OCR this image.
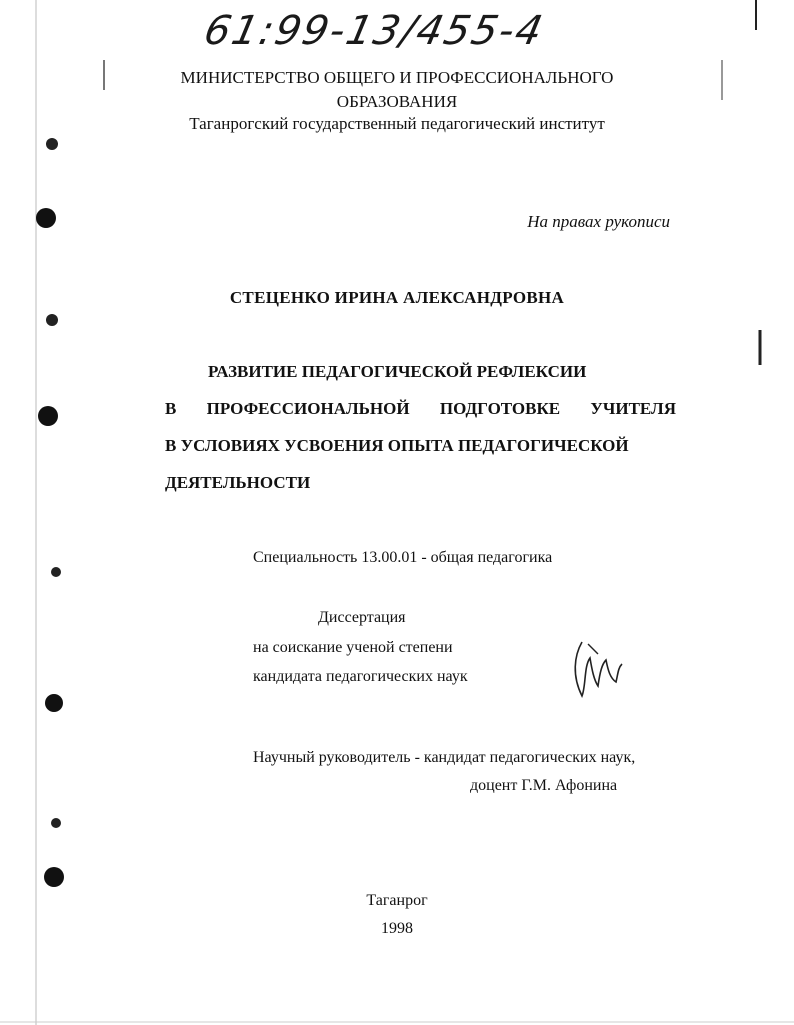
61:99-13/455-4
МИНИСТЕРСТВО ОБЩЕГО И ПРОФЕССИОНАЛЬНОГО
ОБРАЗОВАНИЯ
Таганрогский государственный педагогический институт
На правах рукописи
СТЕЦЕНКО ИРИНА АЛЕКСАНДРОВНА
РАЗВИТИЕ ПЕДАГОГИЧЕСКОЙ РЕФЛЕКСИИ
В ПРОФЕССИОНАЛЬНОЙ ПОДГОТОВКЕ УЧИТЕЛЯ
В УСЛОВИЯХ УСВОЕНИЯ ОПЫТА ПЕДАГОГИЧЕСКОЙ
ДЕЯТЕЛЬНОСТИ
Специальность 13.00.01 - общая педагогика
Диссертация
на соискание ученой степени
кандидата педагогических наук
Научный руководитель - кандидат педагогических наук,
доцент Г.М. Афонина
Таганрог
1998
